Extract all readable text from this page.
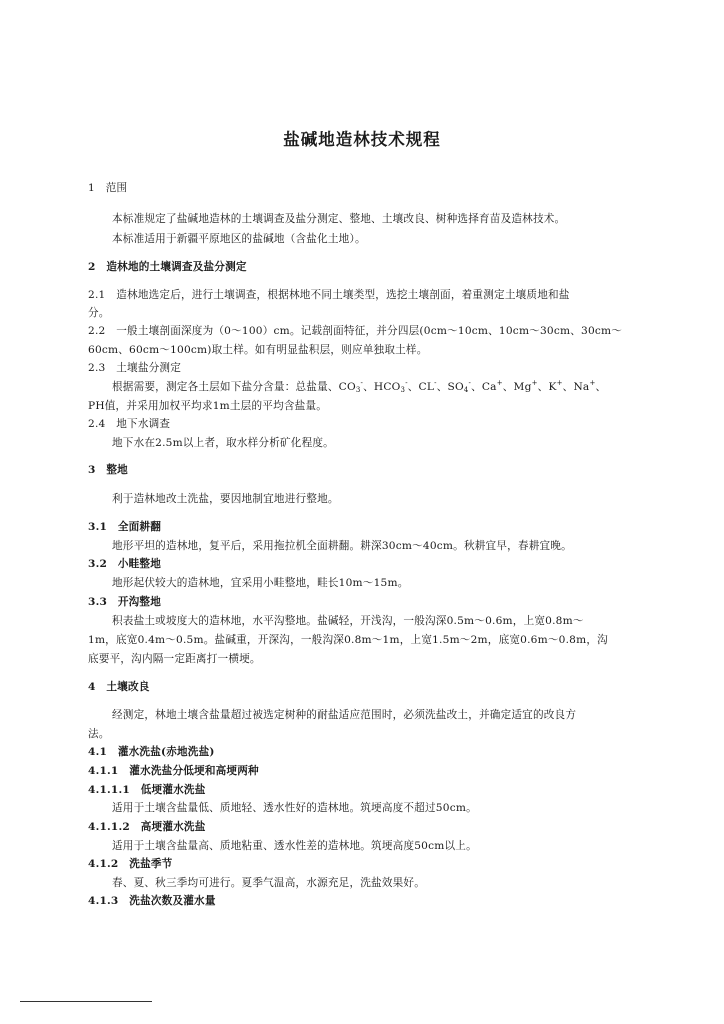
盐碱地造林技术规程
1　范围
本标准规定了盐碱地造林的土壤调查及盐分测定、整地、土壤改良、树种选择育苗及造林技术。
本标准适用于新疆平原地区的盐碱地（含盐化土地）。
2　造林地的土壤调查及盐分测定
2.1　造林地选定后，进行土壤调查，根据林地不同土壤类型，选挖土壤剖面，着重测定土壤质地和盐
分。
2.2　一般土壤剖面深度为（0～100）cm。记载剖面特征，并分四层(0cm～10cm、10cm～30cm、30cm～
60cm、60cm～100cm)取土样。如有明显盐积层，则应单独取土样。
2.3　土壤盐分测定
根据需要，测定各土层如下盐分含量：总盐量、$CO_3^-$、$HCO_3^-$、CL-、$SO_4^-$、Ca+、Mg+、K+、Na+、
PH值，并采用加权平均求1m土层的平均含盐量。
2.4　地下水调查
地下水在2.5m以上者，取水样分析矿化程度。
3　整地
利于造林地改土洗盐，要因地制宜地进行整地。
3.1　全面耕翻
地形平坦的造林地，复平后，采用拖拉机全面耕翻。耕深30cm～40cm。秋耕宜早，春耕宜晚。
3.2　小畦整地
地形起伏较大的造林地，宜采用小畦整地，畦长10m～15m。
3.3　开沟整地
积表盐土或坡度大的造林地，水平沟整地。盐碱轻，开浅沟，一般沟深0.5m～0.6m，上宽0.8m～
1m，底宽0.4m～0.5m。盐碱重，开深沟，一般沟深0.8m～1m，上宽1.5m～2m，底宽0.6m～0.8m，沟
底要平，沟内隔一定距离打一横埂。
4　土壤改良
经测定，林地土壤含盐量超过被选定树种的耐盐适应范围时，必须洗盐改土，并确定适宜的改良方
法。
4.1　灌水洗盐(赤地洗盐)
4.1.1　灌水洗盐分低埂和高埂两种
4.1.1.1　低埂灌水洗盐
适用于土壤含盐量低、质地轻、透水性好的造林地。筑埂高度不超过50cm。
4.1.1.2　高埂灌水洗盐
适用于土壤含盐量高、质地粘重、透水性差的造林地。筑埂高度50cm以上。
4.1.2　洗盐季节
春、夏、秋三季均可进行。夏季气温高，水源充足，洗盐效果好。
4.1.3　洗盐次数及灌水量
